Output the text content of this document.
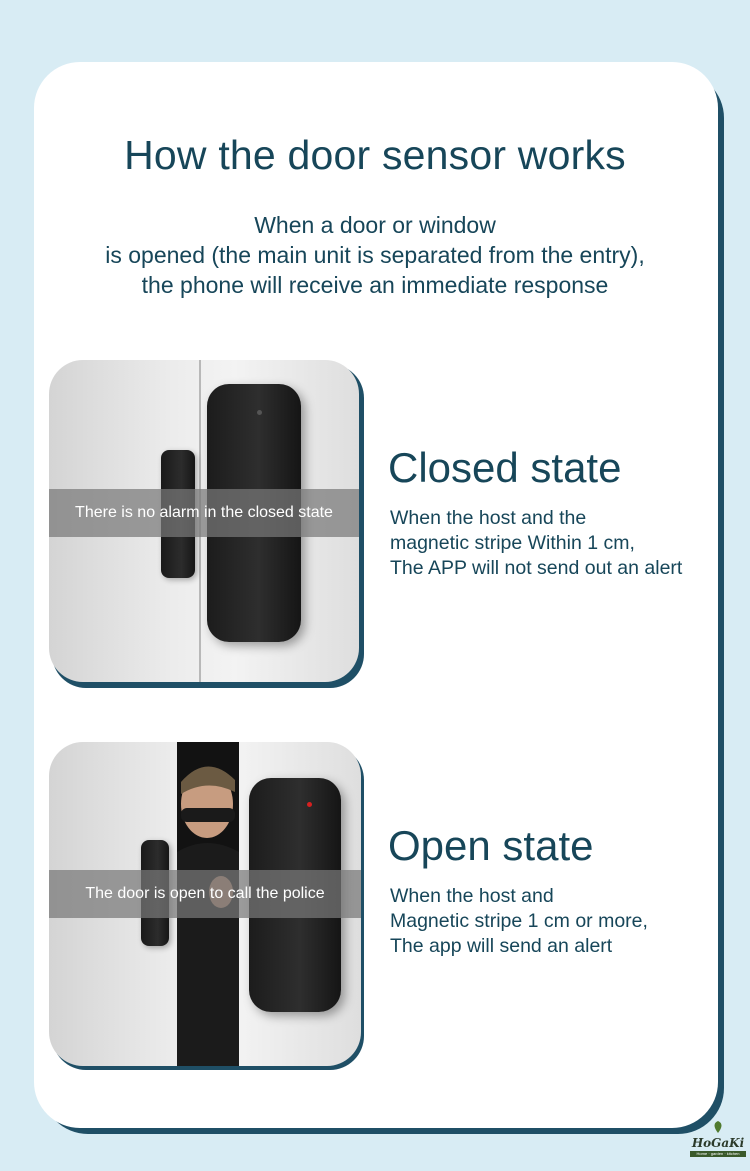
How the door sensor works
When a door or window
is opened (the main unit is separated from the entry),
the phone will receive an immediate response
There is no alarm in the closed state
Closed state
When the host and the
magnetic stripe Within 1 cm,
The APP will not send out an alert
The door is open to call the police
Open state
When the host and
Magnetic stripe 1 cm or more,
The app will send an alert
HoGaKi
Home · garden · kitchen
